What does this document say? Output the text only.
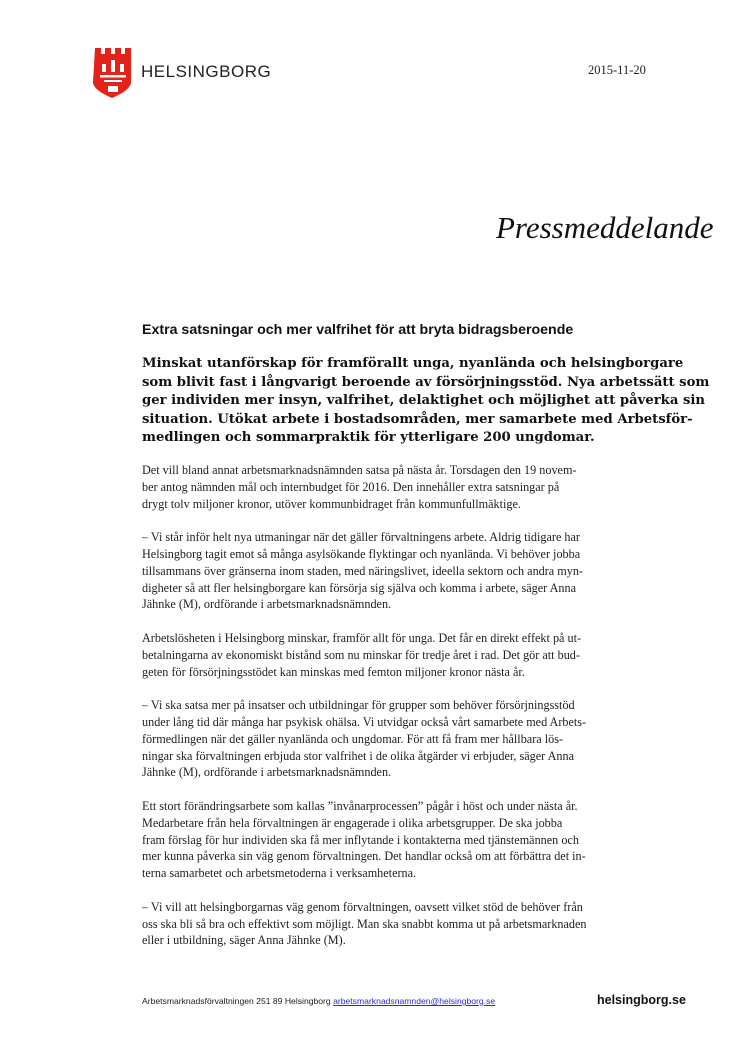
HELSINGBORG	2015-11-20
Pressmeddelande
Extra satsningar och mer valfrihet för att bryta bidragsberoende

Minskat utanförskap för framförallt unga, nyanlända och helsingborgare

som blivit fast i långvarigt beroende av försörjningsstöd. Nya arbetssätt som

ger individen mer insyn, valfrihet, delaktighet och möjlighet att påverka sin

situation. Utökat arbete i bostadsområden, mer samarbete med Arbetsför-

medlingen och sommarpraktik för ytterligare 200 ungdomar.

Det vill bland annat arbetsmarknadsnämnden satsa på nästa år. Torsdagen den 19 novem-
ber antog nämnden mål och internbudget för 2016. Den innehåller extra satsningar på
drygt tolv miljoner kronor, utöver kommunbidraget från kommunfullmäktige.

– Vi står inför helt nya utmaningar när det gäller förvaltningens arbete. Aldrig tidigare har
Helsingborg tagit emot så många asylsökande flyktingar och nyanlända. Vi behöver jobba
tillsammans över gränserna inom staden, med näringslivet, ideella sektorn och andra myn-
digheter så att fler helsingborgare kan försörja sig själva och komma i arbete, säger Anna
Jähnke (M), ordförande i arbetsmarknadsnämnden.

Arbetslösheten i Helsingborg minskar, framför allt för unga. Det får en direkt effekt på ut-
betalningarna av ekonomiskt bistånd som nu minskar för tredje året i rad. Det gör att bud-
geten för försörjningsstödet kan minskas med femton miljoner kronor nästa år.

– Vi ska satsa mer på insatser och utbildningar för grupper som behöver försörjningsstöd
under lång tid där många har psykisk ohälsa. Vi utvidgar också vårt samarbete med Arbets-
förmedlingen när det gäller nyanlända och ungdomar. För att få fram mer hållbara lös-
ningar ska förvaltningen erbjuda stor valfrihet i de olika åtgärder vi erbjuder, säger Anna
Jähnke (M), ordförande i arbetsmarknadsnämnden.

Ett stort förändringsarbete som kallas ”invånarprocessen” pågår i höst och under nästa år.
Medarbetare från hela förvaltningen är engagerade i olika arbetsgrupper. De ska jobba
fram förslag för hur individen ska få mer inflytande i kontakterna med tjänstemännen och
mer kunna påverka sin väg genom förvaltningen. Det handlar också om att förbättra det in-
terna samarbetet och arbetsmetoderna i verksamheterna.

– Vi vill att helsingborgarnas väg genom förvaltningen, oavsett vilket stöd de behöver från
oss ska bli så bra och effektivt som möjligt. Man ska snabbt komma ut på arbetsmarknaden
eller i utbildning, säger Anna Jähnke (M).

Arbetsmarknadsförvaltningen 251 89 Helsingborg arbetsmarknadsnamnden@helsingborg.se	helsingborg.se
